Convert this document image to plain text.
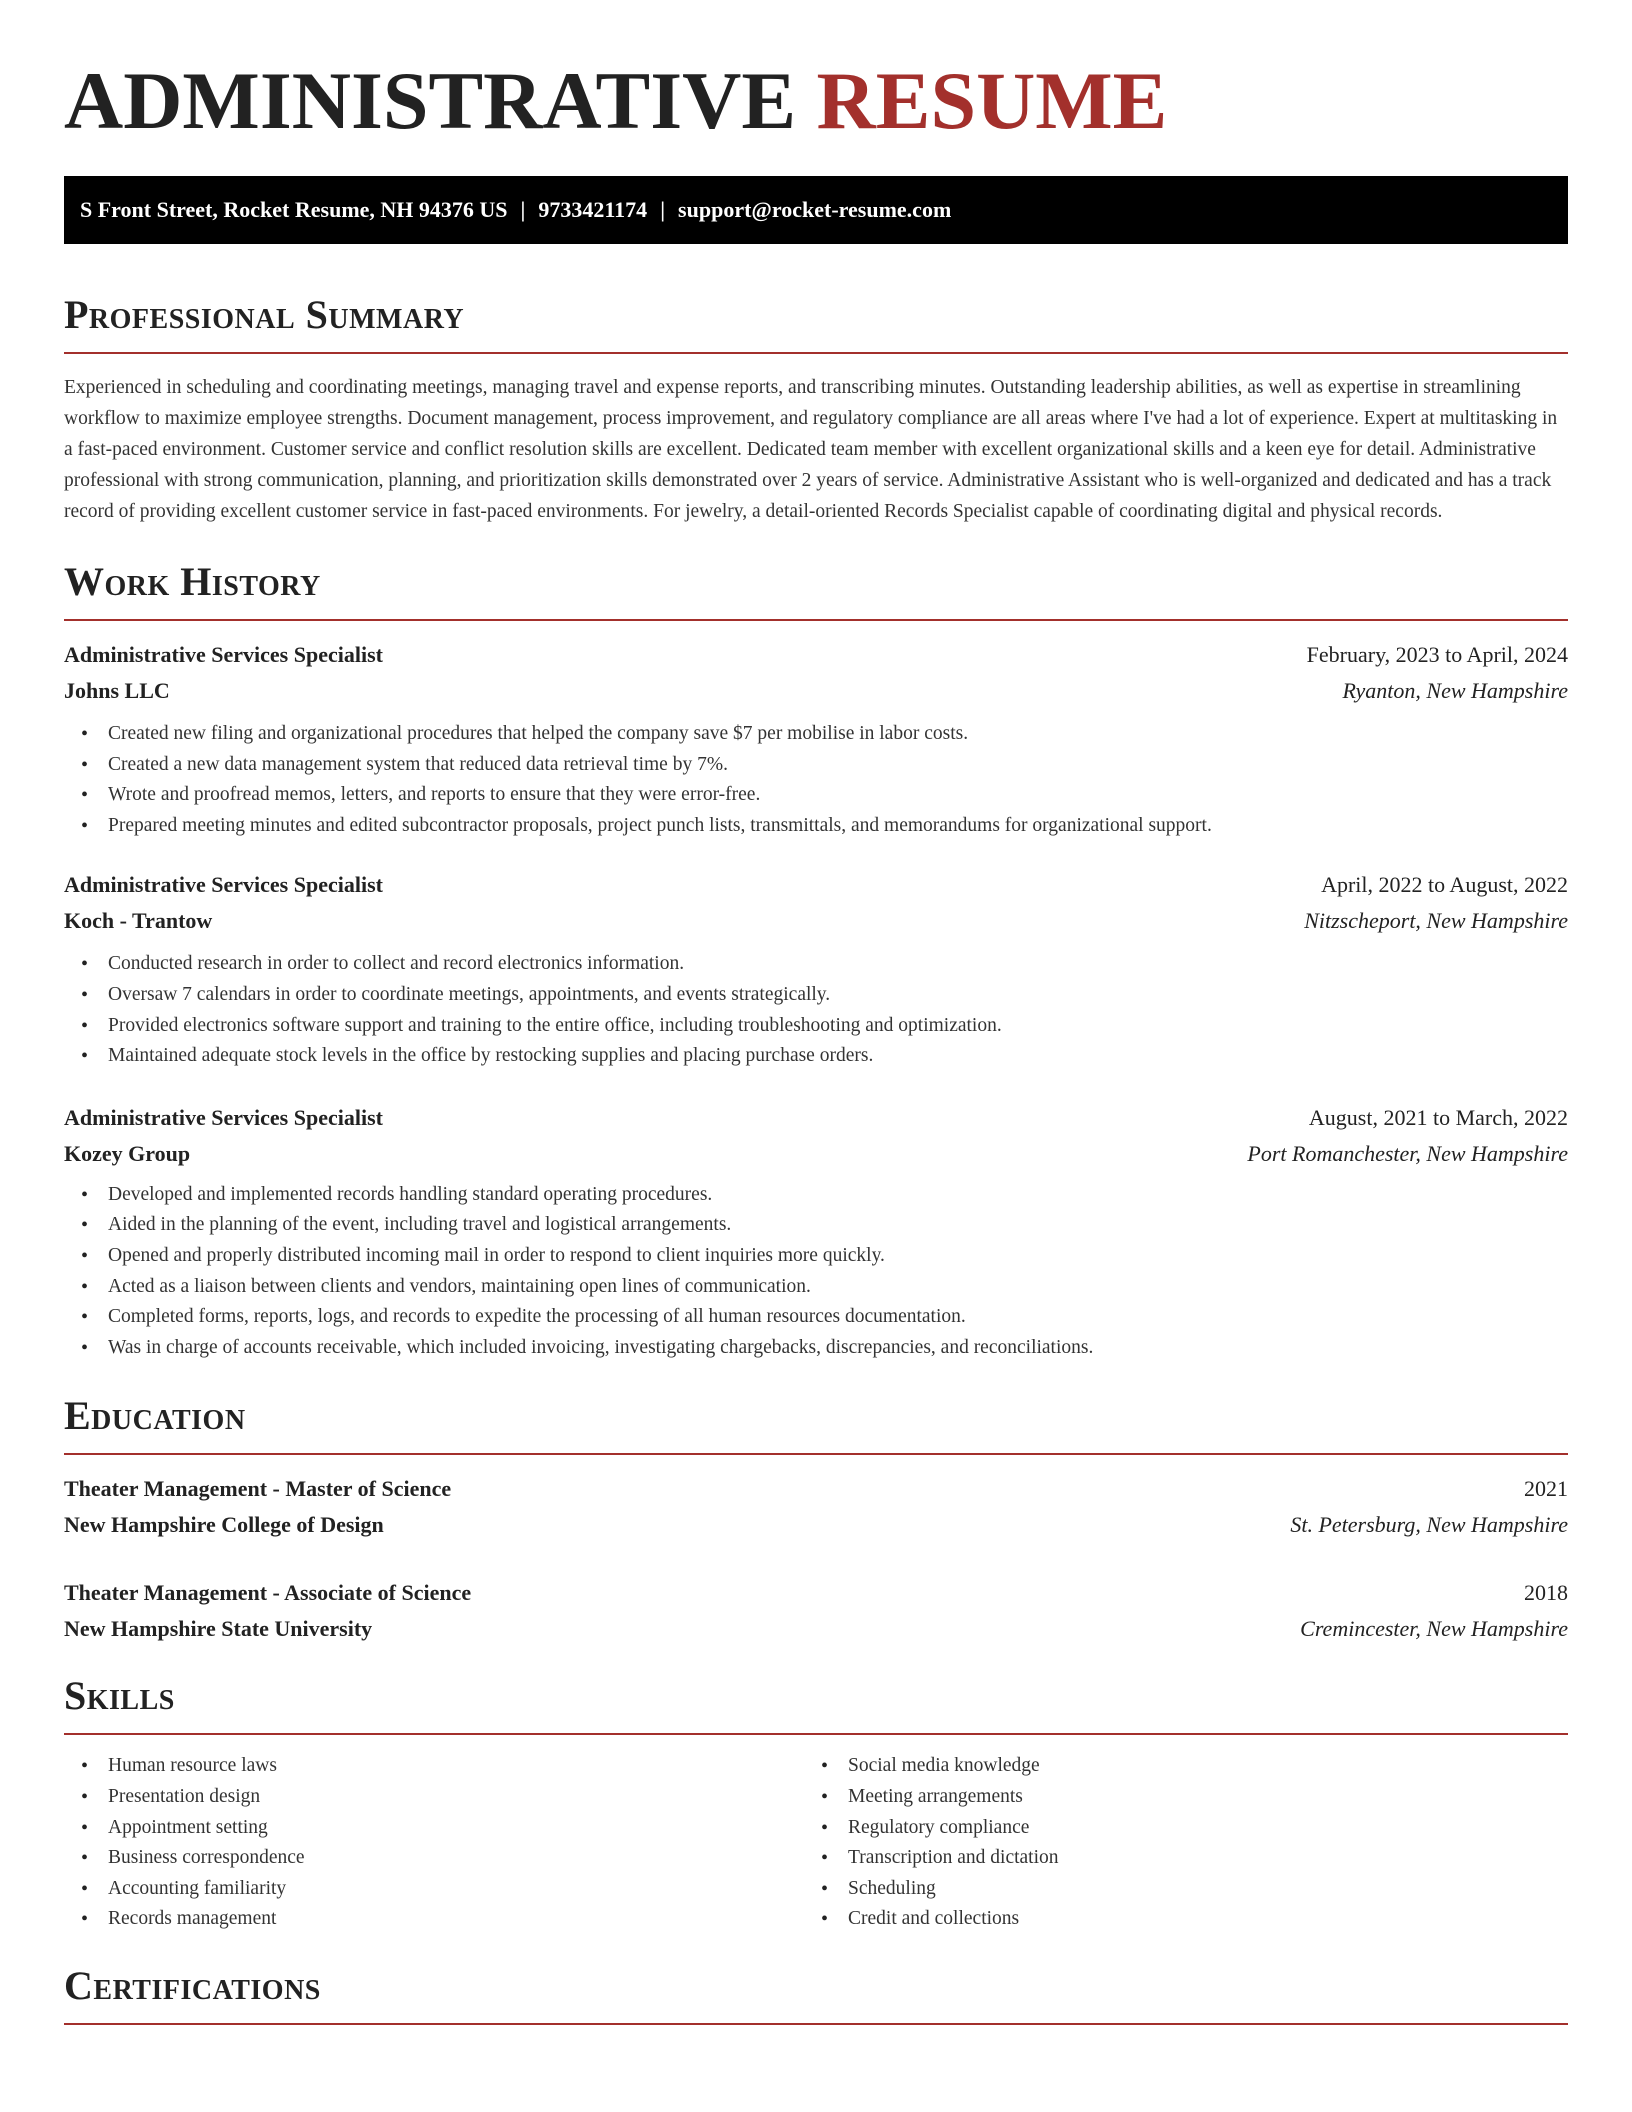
ADMINISTRATIVE RESUME
S Front Street, Rocket Resume, NH 94376 US | 9733421174 | support@rocket-resume.com
Professional Summary

Experienced in scheduling and coordinating meetings, managing travel and expense reports, and transcribing minutes. Outstanding leadership abilities, as well as expertise in streamlining workflow to maximize employee strengths. Document management, process improvement, and regulatory compliance are all areas where I've had a lot of experience. Expert at multitasking in a fast-paced environment. Customer service and conflict resolution skills are excellent. Dedicated team member with excellent organizational skills and a keen eye for detail. Administrative professional with strong communication, planning, and prioritization skills demonstrated over 2 years of service. Administrative Assistant who is well-organized and dedicated and has a track record of providing excellent customer service in fast-paced environments. For jewelry, a detail-oriented Records Specialist capable of coordinating digital and physical records.

Work History
Administrative Services Specialist	February, 2023 to April, 2024
Johns LLC	Ryanton, New Hampshire
• Created new filing and organizational procedures that helped the company save $7 per mobilise in labor costs.
• Created a new data management system that reduced data retrieval time by 7%.
• Wrote and proofread memos, letters, and reports to ensure that they were error-free.
• Prepared meeting minutes and edited subcontractor proposals, project punch lists, transmittals, and memorandums for organizational support.
Administrative Services Specialist	April, 2022 to August, 2022
Koch - Trantow	Nitzscheport, New Hampshire
• Conducted research in order to collect and record electronics information.
• Oversaw 7 calendars in order to coordinate meetings, appointments, and events strategically.
• Provided electronics software support and training to the entire office, including troubleshooting and optimization.
• Maintained adequate stock levels in the office by restocking supplies and placing purchase orders.
Administrative Services Specialist	August, 2021 to March, 2022
Kozey Group	Port Romanchester, New Hampshire
• Developed and implemented records handling standard operating procedures.
• Aided in the planning of the event, including travel and logistical arrangements.
• Opened and properly distributed incoming mail in order to respond to client inquiries more quickly.
• Acted as a liaison between clients and vendors, maintaining open lines of communication.
• Completed forms, reports, logs, and records to expedite the processing of all human resources documentation.
• Was in charge of accounts receivable, which included invoicing, investigating chargebacks, discrepancies, and reconciliations.
Education
Theater Management - Master of Science	2021
New Hampshire College of Design	St. Petersburg, New Hampshire
Theater Management - Associate of Science	2018
New Hampshire State University	Cremincester, New Hampshire
Skills
• Human resource laws
• Presentation design
• Appointment setting
• Business correspondence
• Accounting familiarity
• Records management
• Social media knowledge
• Meeting arrangements
• Regulatory compliance
• Transcription and dictation
• Scheduling
• Credit and collections
Certifications
